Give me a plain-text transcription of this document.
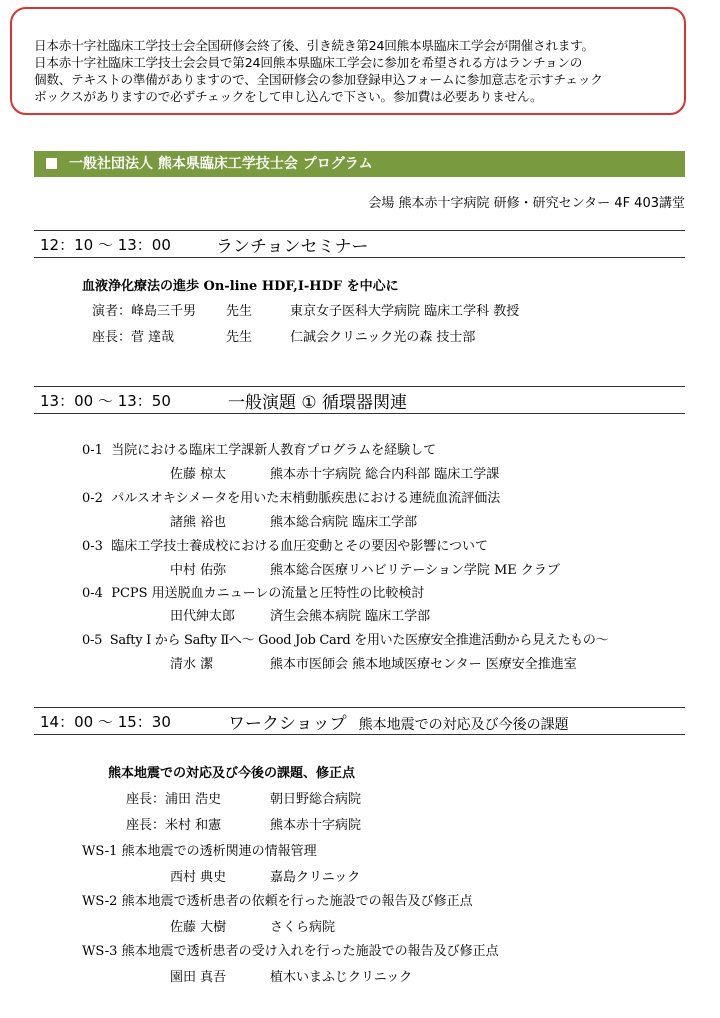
日本赤十字社臨床工学技士会全国研修会終了後、引き続き第24回熊本県臨床工学会が開催されます。

日本赤十字社臨床工学技士会会員で第24回熊本県臨床工学会に参加を希望される方はランチョンの

個数、テキストの準備がありますので、全国研修会の参加登録申込フォームに参加意志を示すチェック

ボックスがありますので必ずチェックをして申し込んで下さい。参加費は必要ありません。

一般社団法人 熊本県臨床工学技士会 プログラム
会場 熊本赤十字病院 研修・研究センター 4F 403講堂
12：10 〜 13：00	ランチョンセミナー
血液浄化療法の進歩 On-line HDF,I-HDF を中心に
演者：峰島三千男 先生	東京女子医科大学病院 臨床工学科 教授
座長：菅 達哉	先生	仁誠会クリニック光の森 技士部
13：00 〜 13：50	一般演題 ① 循環器関連
0-1 当院における臨床工学課新人教育プログラムを経験して
佐藤 椋太	熊本赤十字病院 総合内科部 臨床工学課
0-2 パルスオキシメータを用いた末梢動脈疾患における連続血流評価法
諸熊 裕也	熊本総合病院 臨床工学部
0-3 臨床工学技士養成校における血圧変動とその要因や影響について
中村 佑弥	熊本総合医療リハビリテーション学院 ME クラブ
0-4 PCPS 用送脱血カニューレの流量と圧特性の比較検討
田代紳太郎	済生会熊本病院 臨床工学部
0-5 Safty I から Safty Ⅱへ〜 Good Job Card を用いた医療安全推進活動から見えたもの〜
清水 潔	熊本市医師会 熊本地域医療センター 医療安全推進室
14：00 〜 15：30	ワークショップ 熊本地震での対応及び今後の課題
熊本地震での対応及び今後の課題、修正点
座長：浦田 浩史	朝日野総合病院
座長：米村 和憲	熊本赤十字病院
WS-1 熊本地震での透析関連の情報管理
西村 典史	嘉島クリニック
WS-2 熊本地震で透析患者の依頼を行った施設での報告及び修正点
佐藤 大樹	さくら病院
WS-3 熊本地震で透析患者の受け入れを行った施設での報告及び修正点
園田 真吾	植木いまふじクリニック
